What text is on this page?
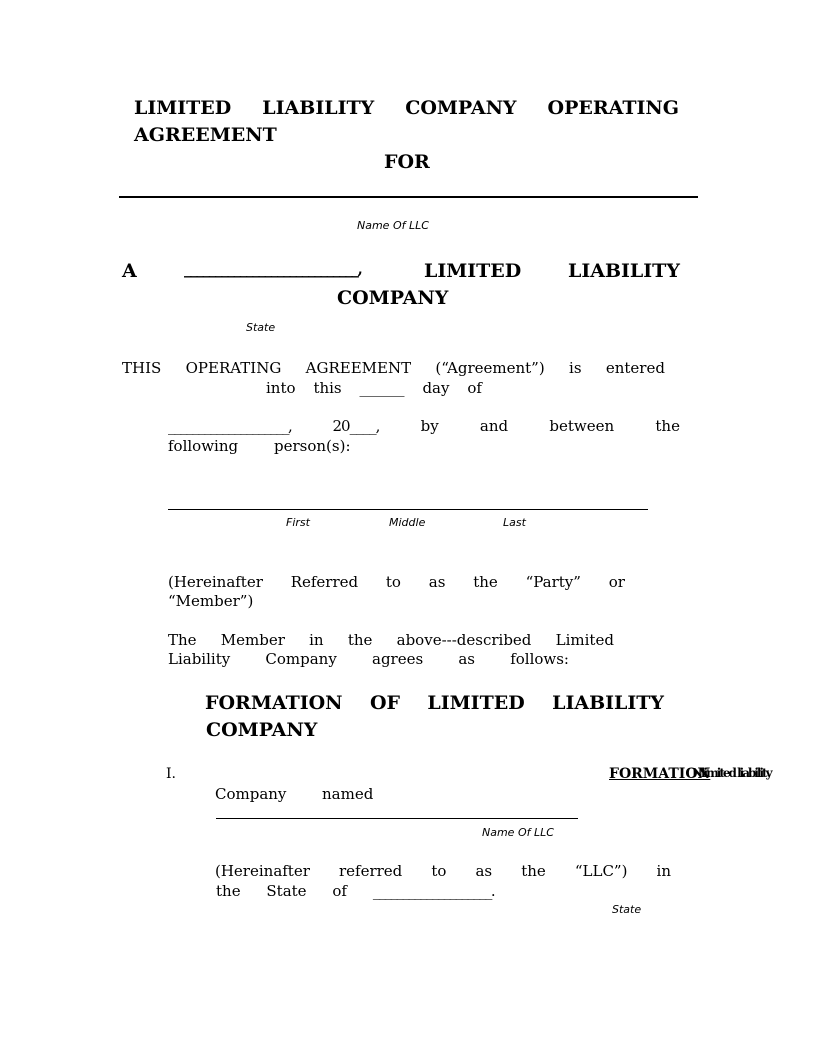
LIMITED LIABILITY COMPANY OPERATING
AGREEMENT
FOR
Name Of LLC
A	____________________________,	LIMITED LIABILITY
COMPANY
State
THIS OPERATING AGREEMENT (“Agreement”) is entered
into this ______ day of
____________________,	20____,	by	and	between	the
following person(s):
First	Middle	Last
(Hereinafter Referred to as the “Party” or
“Member”)
The Member in the above---described Limited
Liability Company agrees as follows:
FORMATION OF LIMITED LIABILITY
COMPANY
I.	FORMATION
Nlimited liability
Company named
Name Of LLC
(Hereinafter referred to as the “LLC”) in
the State of ____________________.
State
